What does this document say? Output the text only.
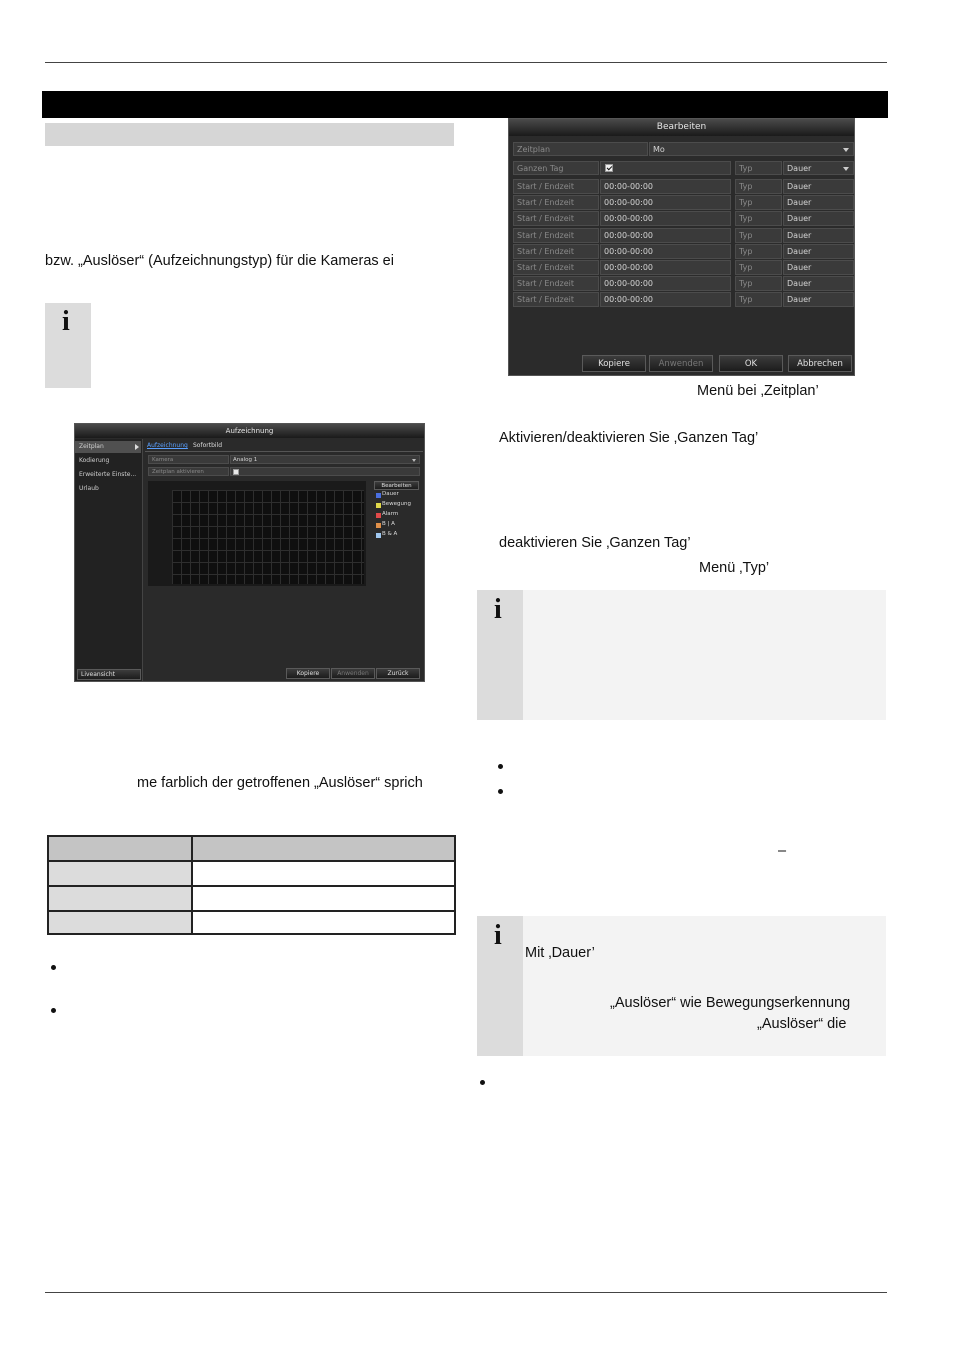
bzw. „Auslöser“ (Aufzeichnungstyp) für die Kameras ei
i
Aufzeichnung
Zeitplan
Kodierung
Erweiterte Einste...
Urlaub
Liveansicht
Aufzeichnung Sofortbild
Kamera	Analog 1
Zeitplan aktivieren
Bearbeiten
Dauer
Bewegung
Alarm
B | A
B & A
Kopiere	Anwenden	Zurück
me farblich der getroffenen „Auslöser“ sprich
Bearbeiten
Zeitplan	Mo
Ganzen Tag	Typ	Dauer
Start / Endzeit	00:00-00:00	Typ	Dauer
Start / Endzeit	00:00-00:00	Typ	Dauer
Start / Endzeit	00:00-00:00	Typ	Dauer
Start / Endzeit	00:00-00:00	Typ	Dauer
Start / Endzeit	00:00-00:00	Typ	Dauer
Start / Endzeit	00:00-00:00	Typ	Dauer
Start / Endzeit	00:00-00:00	Typ	Dauer
Start / Endzeit	00:00-00:00	Typ	Dauer
Kopiere	Anwenden	OK	Abbrechen
Menü bei ‚Zeitplan’
Aktivieren/deaktivieren Sie ‚Ganzen Tag’
deaktivieren Sie ‚Ganzen Tag’
Menü ‚Typ’
i
–
i
Mit ‚Dauer’
„Auslöser“ wie Bewegungserkennung
„Auslöser“ die
